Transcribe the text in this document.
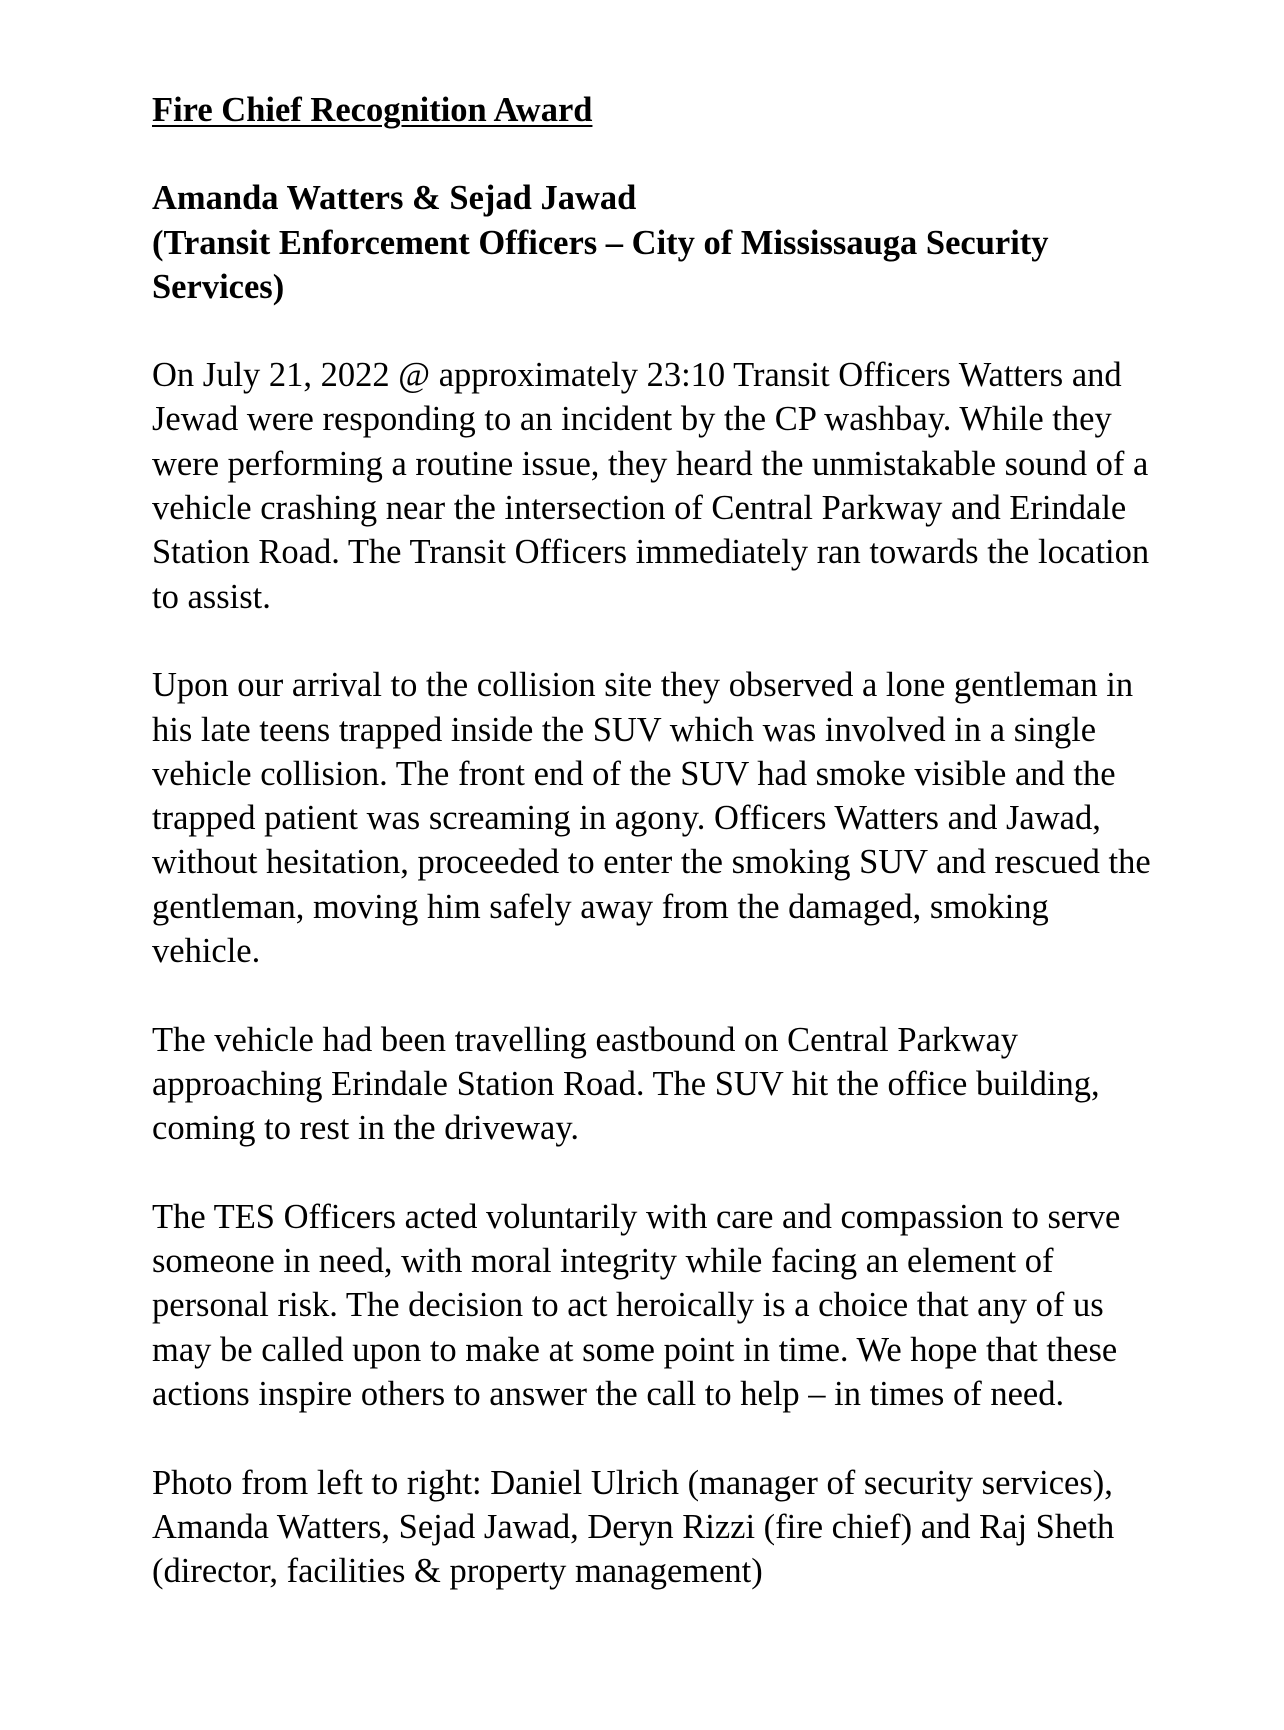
Fire Chief Recognition Award
Amanda Watters & Sejad Jawad
(Transit Enforcement Officers – City of Mississauga Security Services)

On July 21, 2022 @ approximately 23:10 Transit Officers Watters and Jewad were responding to an incident by the CP washbay. While they were performing a routine issue, they heard the unmistakable sound of a vehicle crashing near the intersection of Central Parkway and Erindale Station Road. The Transit Officers immediately ran towards the location to assist.

Upon our arrival to the collision site they observed a lone gentleman in his late teens trapped inside the SUV which was involved in a single vehicle collision. The front end of the SUV had smoke visible and the trapped patient was screaming in agony. Officers Watters and Jawad, without hesitation, proceeded to enter the smoking SUV and rescued the gentleman, moving him safely away from the damaged, smoking vehicle.

The vehicle had been travelling eastbound on Central Parkway approaching Erindale Station Road. The SUV hit the office building, coming to rest in the driveway.

The TES Officers acted voluntarily with care and compassion to serve someone in need, with moral integrity while facing an element of personal risk. The decision to act heroically is a choice that any of us may be called upon to make at some point in time. We hope that these actions inspire others to answer the call to help – in times of need.

Photo from left to right: Daniel Ulrich (manager of security services), Amanda Watters, Sejad Jawad, Deryn Rizzi (fire chief) and Raj Sheth (director, facilities & property management)
